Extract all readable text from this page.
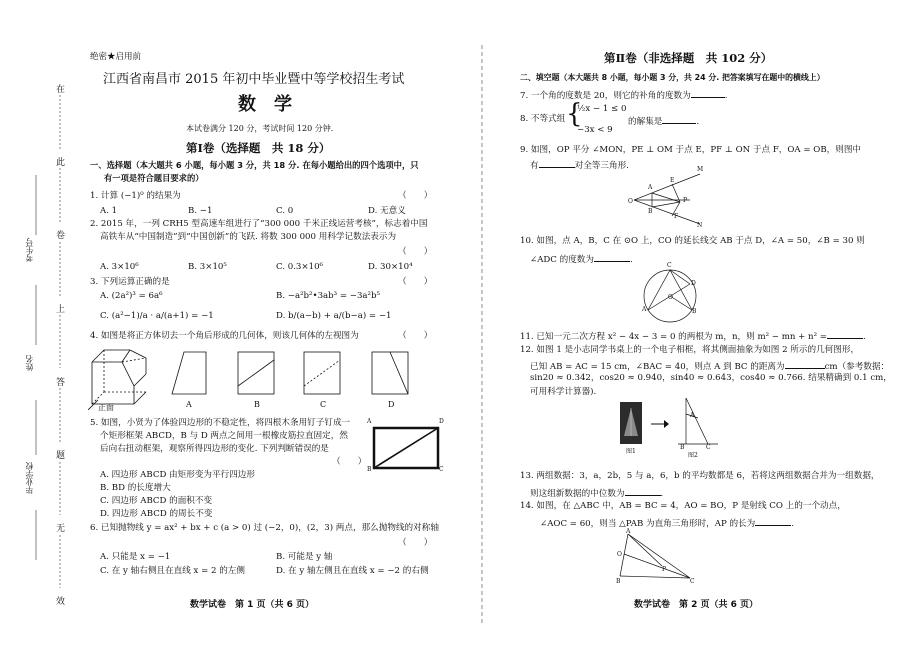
在
此
卷
上
答
题
无
效
考生号
姓名
毕业学校
绝密★启用前
江西省南昌市 2015 年初中毕业暨中等学校招生考试
数　学
本试卷满分 120 分，考试时间 120 分钟.
第Ⅰ卷（选择题　共 18 分）
一、选择题（本大题共 6 小题，每小题 3 分，共 18 分. 在每小题给出的四个选项中，只
有一项是符合题目要求的）
1. 计算 (−1)⁰ 的结果为	（　　）
A. 1	B. −1	C. 0	D. 无意义
2. 2015 年，一列 CRH5 型高速车组进行了“300 000 千米正线运营考核”，标志着中国
高铁车从“中国制造”到“中国创新”的飞跃. 将数 300 000 用科学记数法表示为
（　　）
A. 3×10⁶	B. 3×10⁵	C. 0.3×10⁶	D. 30×10⁴
3. 下列运算正确的是	（　　）
A. (2a²)³ = 6a⁶	B. −a²b²•3ab³ = −3a²b⁵
C. (a²−1)/a · a/(a+1) = −1	D. b/(a−b) + a/(b−a) = −1
4. 如图是将正方体切去一个角后形成的几何体，则该几何体的左视图为	（　　）
正面	A	B	C	D
5. 如图，小贤为了体验四边形的不稳定性，将四根木条用钉子钉成一
个矩形框架 ABCD，B 与 D 两点之间用一根橡皮筋拉直固定，然
后向右扭动框架，观察所得四边形的变化. 下列判断错误的是
（　　）
A	D
B	C
A. 四边形 ABCD 由矩形变为平行四边形
B. BD 的长度增大
C. 四边形 ABCD 的面积不变
D. 四边形 ABCD 的周长不变
6. 已知抛物线 y = ax² + bx + c (a > 0) 过 (−2，0)，(2，3) 两点，那么抛物线的对称轴
（　　）
A. 只能是 x = −1	B. 可能是 y 轴
C. 在 y 轴右侧且在直线 x = 2 的左侧	D. 在 y 轴左侧且在直线 x = −2 的右侧
数学试卷　第 1 页（共 6 页）
第Ⅱ卷（非选择题　共 102 分）
二、填空题（本大题共 8 小题，每小题 3 分，共 24 分. 把答案填写在题中的横线上）
7. 一个角的度数是 20，则它的补角的度数为	.
8. 不等式组 {
½x − 1 ≤ 0
−3x < 9
的解集是	.
9. 如图，OP 平分 ∠MON，PE ⊥ OM 于点 E，PF ⊥ ON 于点 F，OA = OB，则图中
有	对全等三角形.	M
E
A
O	P
B
F
N
10. 如图，点 A，B，C 在 ⊙O 上，CO 的延长线交 AB 于点 D，∠A = 50，∠B = 30 则
∠ADC 的度数为	.
C
A	B
D
O
11. 已知一元二次方程 x² − 4x − 3 = 0 的两根为 m，n，则 m² − mn + n² =	.
12. 如图 1 是小志同学书桌上的一个电子相框，将其侧面抽象为如图 2 所示的几何图形，
已知 AB = AC = 15 cm，∠BAC = 40，则点 A 到 BC 的距离为	cm（参考数据：
sin20 ≈ 0.342，cos20 ≈ 0.940，sin40 ≈ 0.643，cos40 ≈ 0.766. 结果精确到 0.1 cm，
可用科学计算器).
图1
A
B	C
图2
13. 两组数据：3，a，2b，5 与 a，6，b 的平均数都是 6，若将这两组数据合并为一组数据，
则这组新数据的中位数为	.
14. 如图，在 △ABC 中，AB = BC = 4，AO = BO，P 是射线 CO 上的一个动点，
∠AOC = 60，则当 △PAB 为直角三角形时，AP 的长为	.
A
O
P
B	C
数学试卷　第 2 页（共 6 页）
